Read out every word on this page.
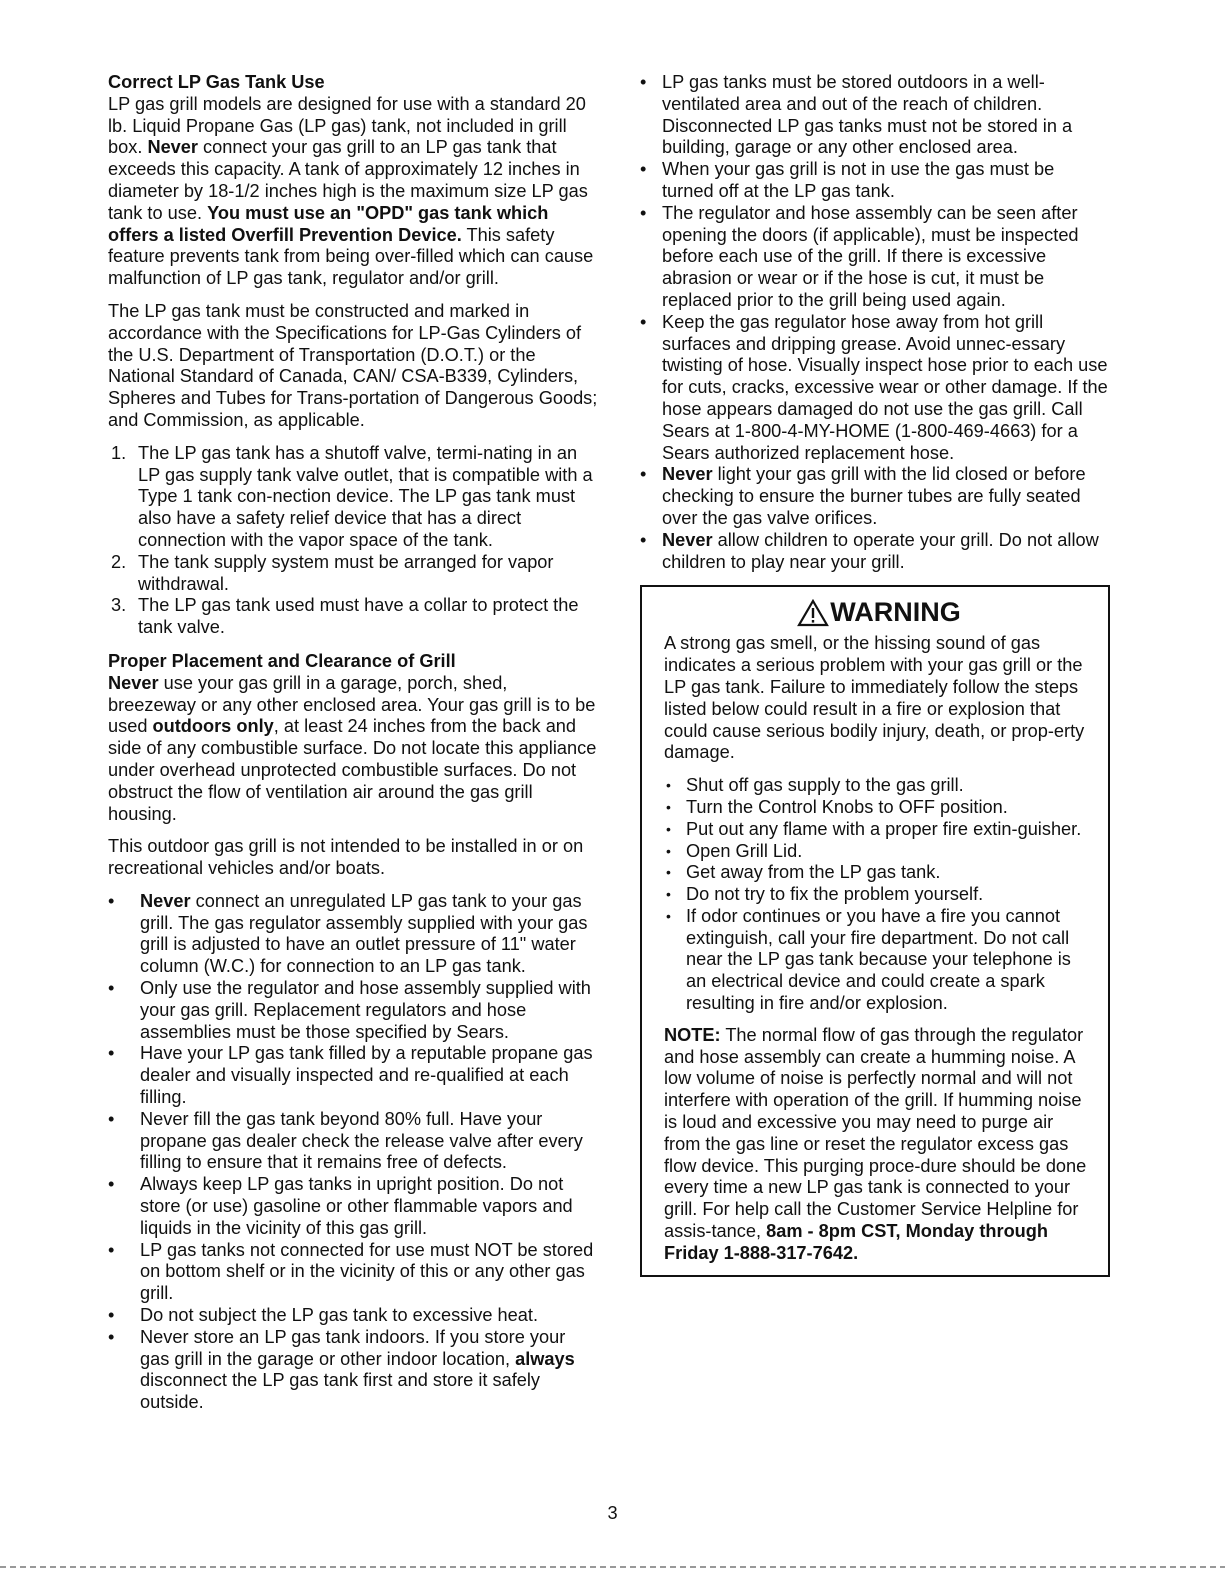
Correct LP Gas Tank Use

LP gas grill models are designed for use with a standard 20 lb. Liquid Propane Gas (LP gas) tank, not included in grill box. Never connect your gas grill to an LP gas tank that exceeds this capacity. A tank of approximately 12 inches in diameter by 18-1/2 inches high is the maximum size LP gas tank to use. You must use an "OPD" gas tank which offers a listed Overfill Prevention Device. This safety feature prevents tank from being over-filled which can cause malfunction of LP gas tank, regulator and/or grill.

The LP gas tank must be constructed and marked in accordance with the Specifications for LP-Gas Cylinders of the U.S. Department of Transportation (D.O.T.) or the National Standard of Canada, CAN/ CSA-B339, Cylinders, Spheres and Tubes for Trans-portation of Dangerous Goods; and Commission, as applicable.

1. The LP gas tank has a shutoff valve, termi-nating in an LP gas supply tank valve outlet, that is compatible with a Type 1 tank con-nection device. The LP gas tank must also have a safety relief device that has a direct connection with the vapor space of the tank.
2. The tank supply system must be arranged for vapor withdrawal.
3. The LP gas tank used must have a collar to protect the tank valve.
Proper Placement and Clearance of Grill

Never use your gas grill in a garage, porch, shed, breezeway or any other enclosed area. Your gas grill is to be used outdoors only, at least 24 inches from the back and side of any combustible surface. Do not locate this appliance under overhead unprotected combustible surfaces. Do not obstruct the flow of ventilation air around the gas grill housing.

This outdoor gas grill is not intended to be installed in or on recreational vehicles and/or boats.

• Never connect an unregulated LP gas tank to your gas grill. The gas regulator assembly supplied with your gas grill is adjusted to have an outlet pressure of 11" water column (W.C.) for connection to an LP gas tank.
• Only use the regulator and hose assembly supplied with your gas grill. Replacement regulators and hose assemblies must be those specified by Sears.
• Have your LP gas tank filled by a reputable propane gas dealer and visually inspected and re-qualified at each filling.
• Never fill the gas tank beyond 80% full. Have your propane gas dealer check the release valve after every filling to ensure that it remains free of defects.
• Always keep LP gas tanks in upright position. Do not store (or use) gasoline or other flammable vapors and liquids in the vicinity of this gas grill.
• LP gas tanks not connected for use must NOT be stored on bottom shelf or in the vicinity of this or any other gas grill.
• Do not subject the LP gas tank to excessive heat.
• Never store an LP gas tank indoors. If you store your gas grill in the garage or other indoor location, always disconnect the LP gas tank first and store it safely outside.
• LP gas tanks must be stored outdoors in a well-ventilated area and out of the reach of children. Disconnected LP gas tanks must not be stored in a building, garage or any other enclosed area.
• When your gas grill is not in use the gas must be turned off at the LP gas tank.
• The regulator and hose assembly can be seen after opening the doors (if applicable), must be inspected before each use of the grill. If there is excessive abrasion or wear or if the hose is cut, it must be replaced prior to the grill being used again.
• Keep the gas regulator hose away from hot grill surfaces and dripping grease. Avoid unnec-essary twisting of hose. Visually inspect hose prior to each use for cuts, cracks, excessive wear or other damage. If the hose appears damaged do not use the gas grill. Call Sears at 1-800-4-MY-HOME (1-800-469-4663) for a Sears authorized replacement hose.
• Never light your gas grill with the lid closed or before checking to ensure the burner tubes are fully seated over the gas valve orifices.
• Never allow children to operate your grill. Do not allow children to play near your grill.
WARNING

A strong gas smell, or the hissing sound of gas indicates a serious problem with your gas grill or the LP gas tank. Failure to immediately follow the steps listed below could result in a fire or explosion that could cause serious bodily injury, death, or prop-erty damage.

• Shut off gas supply to the gas grill.
• Turn the Control Knobs to OFF position.
• Put out any flame with a proper fire extin-guisher.
• Open Grill Lid.
• Get away from the LP gas tank.
• Do not try to fix the problem yourself.
• If odor continues or you have a fire you cannot extinguish, call your fire department. Do not call near the LP gas tank because your telephone is an electrical device and could create a spark resulting in fire and/or explosion.

NOTE: The normal flow of gas through the regulator and hose assembly can create a humming noise. A low volume of noise is perfectly normal and will not interfere with operation of the grill. If humming noise is loud and excessive you may need to purge air from the gas line or reset the regulator excess gas flow device. This purging proce-dure should be done every time a new LP gas tank is connected to your grill. For help call the Customer Service Helpline for assis-tance, 8am - 8pm CST, Monday through Friday 1-888-317-7642.

3
